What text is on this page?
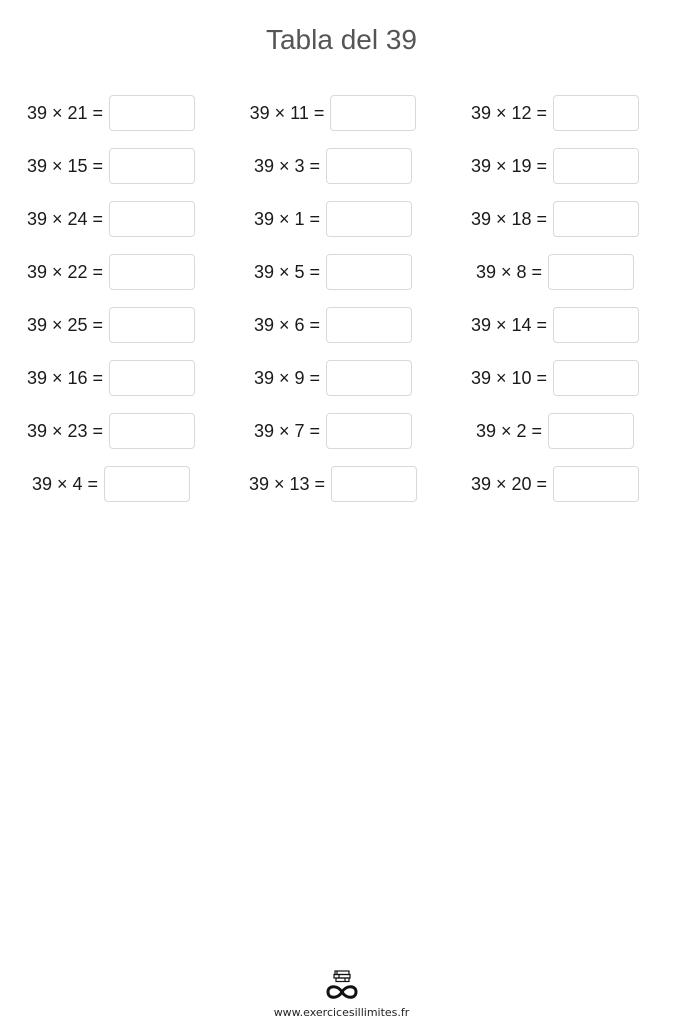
Tabla del 39
39 × 21 =	39 × 11 =	39 × 12 =
39 × 15 =	39 × 3 =	39 × 19 =
39 × 24 =	39 × 1 =	39 × 18 =
39 × 22 =	39 × 5 =	39 × 8 =
39 × 25 =	39 × 6 =	39 × 14 =
39 × 16 =	39 × 9 =	39 × 10 =
39 × 23 =	39 × 7 =	39 × 2 =
39 × 4 =	39 × 13 =	39 × 20 =
www.exercicesillimites.fr
